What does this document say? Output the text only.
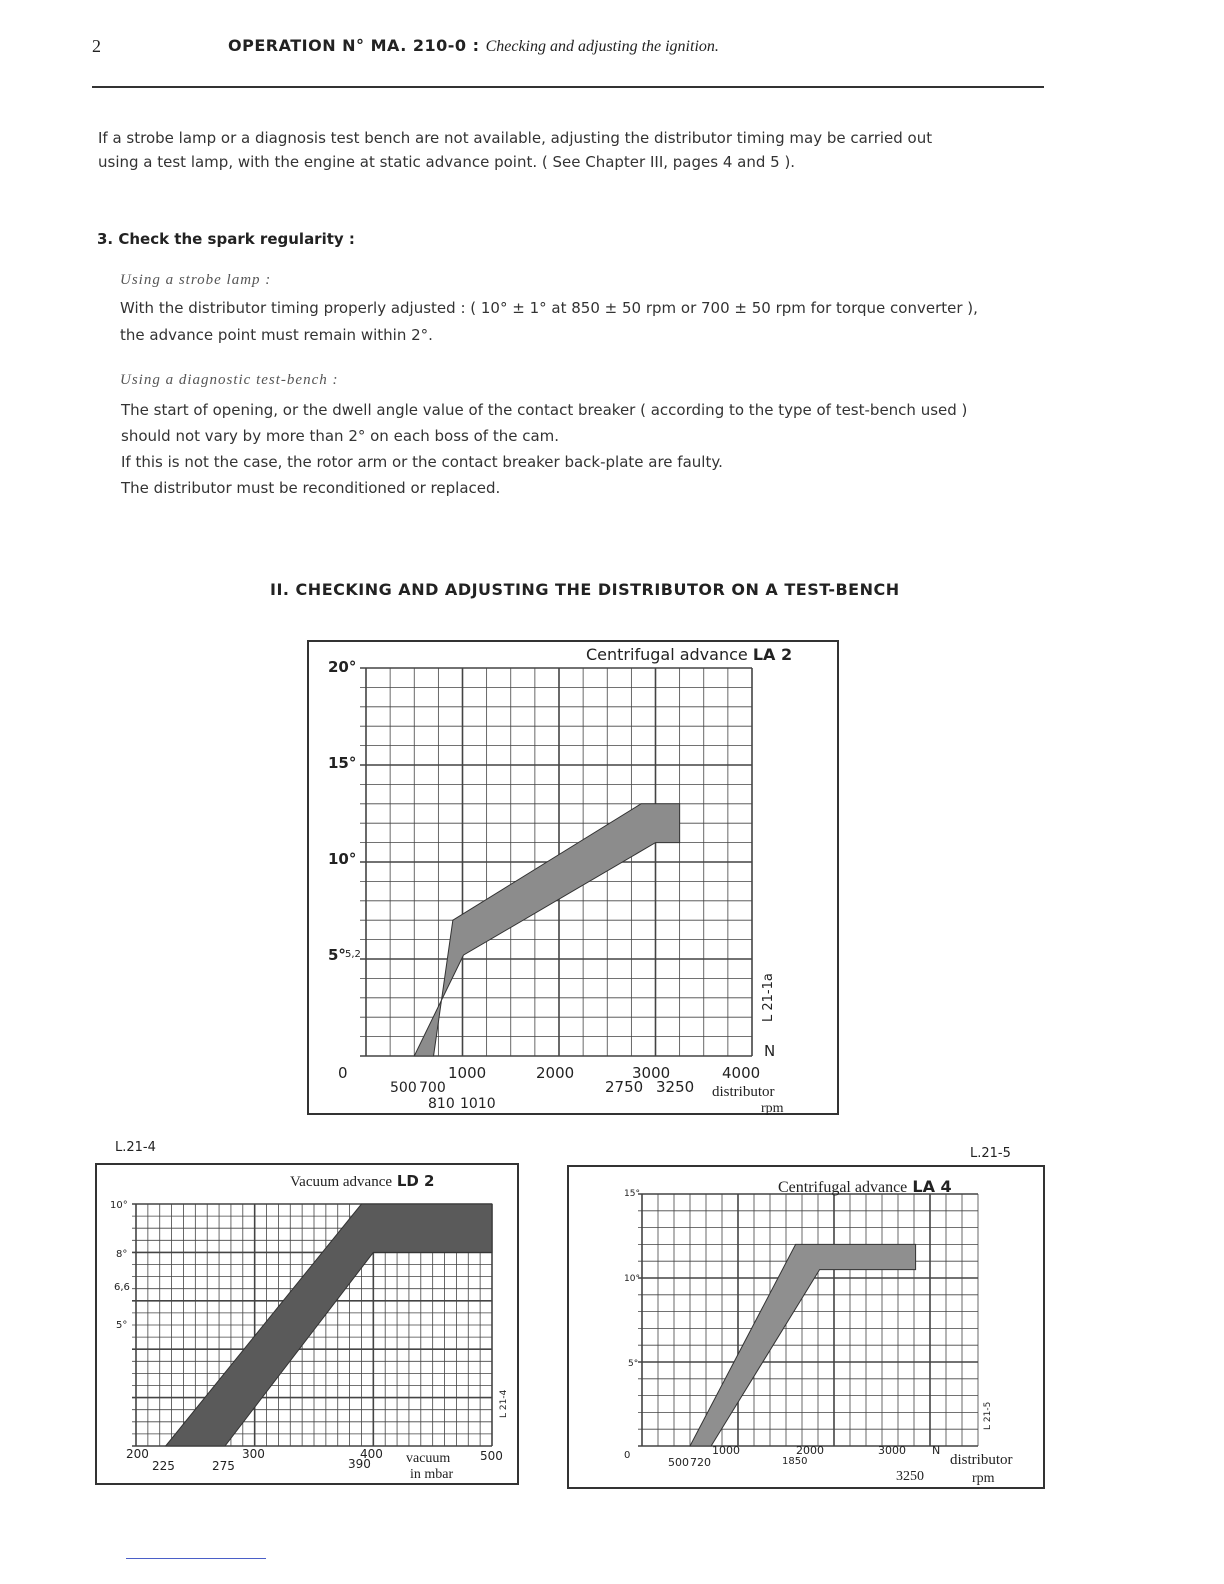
2	OPERATION N° MA. 210-0 : Checking and adjusting the ignition.
If a strobe lamp or a diagnosis test bench are not available, adjusting the distributor timing may be carried out
using a test lamp, with the engine at static advance point. ( See Chapter III, pages 4 and 5 ).
3. Check the spark regularity :
Using a strobe lamp :
With the distributor timing properly adjusted : ( 10° ± 1° at 850 ± 50 rpm or 700 ± 50 rpm for torque converter ),
the advance point must remain within 2°.
Using a diagnostic test-bench :
The start of opening, or the dwell angle value of the contact breaker ( according to the type of test-bench used )
should not vary by more than 2° on each boss of the cam.
If this is not the case, the rotor arm or the contact breaker back-plate are faulty.
The distributor must be reconditioned or replaced.
II. CHECKING AND ADJUSTING THE DISTRIBUTOR ON A TEST-BENCH
Centrifugal advance LA 2
20°
15°
10°
5° 5,2
0	1000	2000	3000	4000
500 700
810 1010
2750 3250 distributor
rpm
N
L 21-1a
L.21-4	L.21-5
Vacuum advance LD 2
10°
8°
6,6
5°
200	300	400	500
225	275	390	vacuum
in mbar
L 21-4
Centrifugal advance LA 4
15°
10°
5°
0	1000	2000	3000
500 720	1850
3250
N
distributor
rpm
L 21-5
